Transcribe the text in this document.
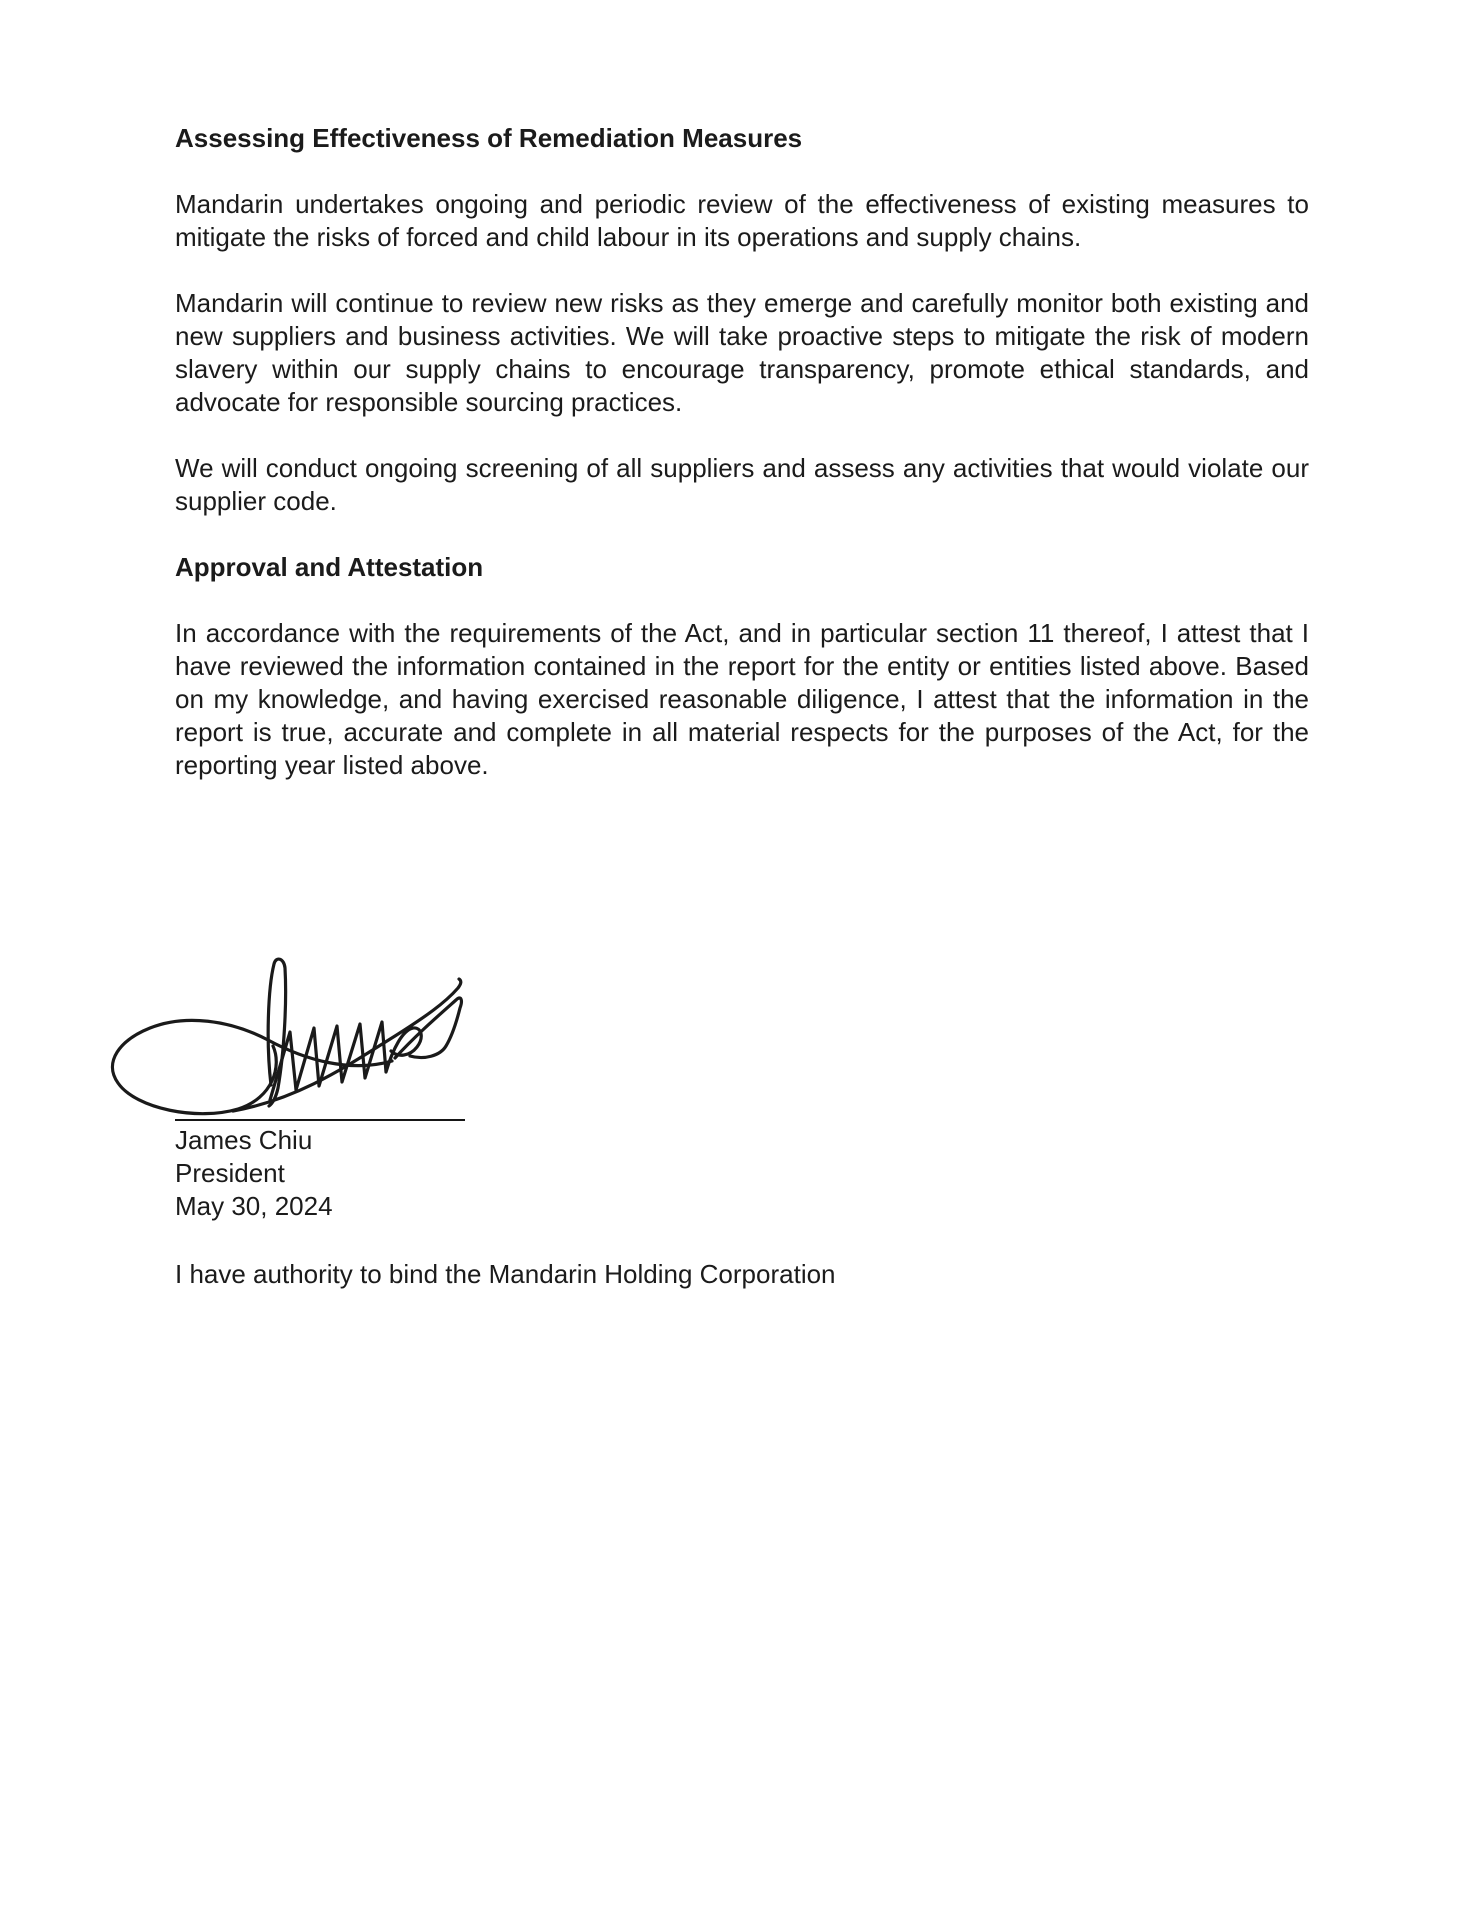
Assessing Effectiveness of Remediation Measures

Mandarin undertakes ongoing and periodic review of the effectiveness of existing measures to mitigate the risks of forced and child labour in its operations and supply chains.

Mandarin will continue to review new risks as they emerge and carefully monitor both existing and new suppliers and business activities. We will take proactive steps to mitigate the risk of modern slavery within our supply chains to encourage transparency, promote ethical standards, and advocate for responsible sourcing practices.

We will conduct ongoing screening of all suppliers and assess any activities that would violate our supplier code.

Approval and Attestation

In accordance with the requirements of the Act, and in particular section 11 thereof, I attest that I have reviewed the information contained in the report for the entity or entities listed above. Based on my knowledge, and having exercised reasonable diligence, I attest that the information in the report is true, accurate and complete in all material respects for the purposes of the Act, for the reporting year listed above.

James Chiu
President
May 30, 2024
I have authority to bind the Mandarin Holding Corporation
